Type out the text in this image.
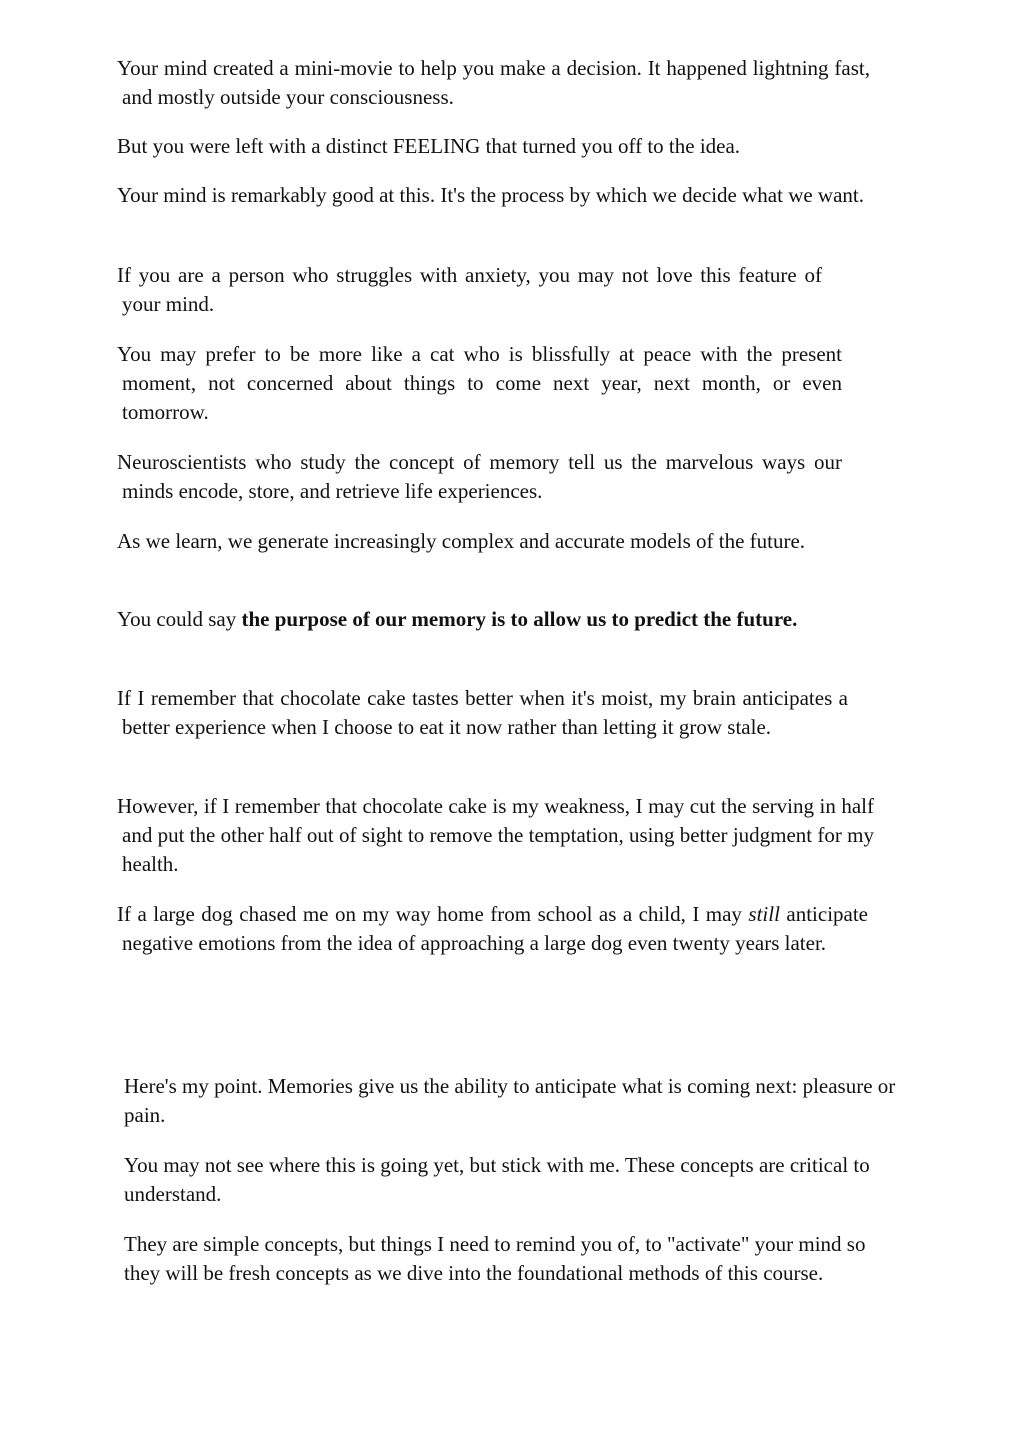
Your mind created a mini-movie to help you make a decision. It happened lightning fast, and mostly outside your consciousness.

But you were left with a distinct FEELING that turned you off to the idea.

Your mind is remarkably good at this. It's the process by which we decide what we want.

If you are a person who struggles with anxiety, you may not love this feature of your mind.

You may prefer to be more like a cat who is blissfully at peace with the present moment, not concerned about things to come next year, next month, or even tomorrow.

Neuroscientists who study the concept of memory tell us the marvelous ways our minds encode, store, and retrieve life experiences.

As we learn, we generate increasingly complex and accurate models of the future.

You could say the purpose of our memory is to allow us to predict the future.

If I remember that chocolate cake tastes better when it's moist, my brain anticipates a better experience when I choose to eat it now rather than letting it grow stale.

However, if I remember that chocolate cake is my weakness, I may cut the serving in half and put the other half out of sight to remove the temptation, using better judgment for my health.

If a large dog chased me on my way home from school as a child, I may still anticipate negative emotions from the idea of approaching a large dog even twenty years later.

Here's my point. Memories give us the ability to anticipate what is coming next: pleasure or pain.

You may not see where this is going yet, but stick with me. These concepts are critical to understand.

They are simple concepts, but things I need to remind you of, to "activate" your mind so they will be fresh concepts as we dive into the foundational methods of this course.
